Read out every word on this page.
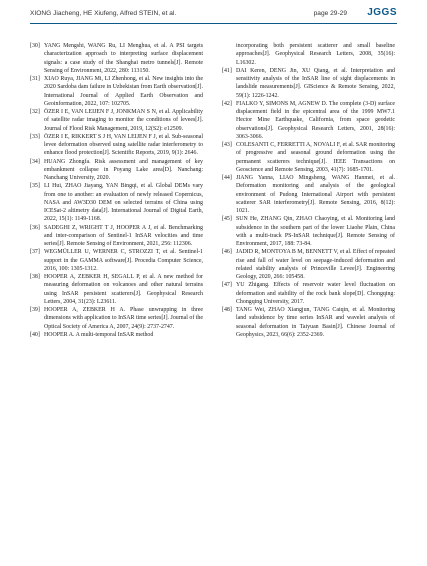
XIONG Jiacheng, HE Xiufeng, Alfred STEIN, et al.	page 29-29 JGGS

[30] YANG Mengshi, WANG Ru, LI Menghua, et al. A PSI targets characterization approach to interpreting surface displacement signals: a case study of the Shanghai metro tunnels[J]. Remote Sensing of Environment, 2022, 280: 113150.

[31] XIAO Ruya, JIANG Mi, LI Zhenhong, et al. New insights into the 2020 Sardoba dam failure in Uzbekistan from Earth observation[J]. International Journal of Applied Earth Observation and Geoinformation, 2022, 107: 102705.

[32] ÖZER I E, VAN LEIJEN F J, JONKMAN S N, et al. Applicability of satellite radar imaging to monitor the conditions of levees[J]. Journal of Flood Risk Management, 2019, 12(S2): e12509.

[33] ÖZER I E, RIKKERT S J H, VAN LEIJEN F J, et al. Sub-seasonal levee deformation observed using satellite radar interferometry to enhance flood protection[J]. Scientific Reports, 2019, 9(1): 2646.

[34] HUANG Zhongfa. Risk assessment and management of key embankment collapse in Poyang Lake area[D]. Nanchang: Nanchang University, 2020.

[35] LI Hui, ZHAO Jiayang, YAN Bingqi, et al. Global DEMs vary from one to another: an evaluation of newly released Copernicus, NASA and AW3D30 DEM on selected terrains of China using ICESat-2 altimetry data[J]. International Journal of Digital Earth, 2022, 15(1): 1149-1168.

[36] SADEGHI Z, WRIGHT T J, HOOPER A J, et al. Benchmarking and inter-comparison of Sentinel-1 InSAR velocities and time series[J]. Remote Sensing of Environment, 2021, 256: 112306.

[37] WEGMÜLLER U, WERNER C, STROZZI T, et al. Sentinel-1 support in the GAMMA software[J]. Procedia Computer Science, 2016, 100: 1305-1312.

[38] HOOPER A, ZEBKER H, SEGALL P, et al. A new method for measuring deformation on volcanoes and other natural terrains using InSAR persistent scatterers[J]. Geophysical Research Letters, 2004, 31(23): L23611.

[39] HOOPER A, ZEBKER H A. Phase unwrapping in three dimensions with application to InSAR time series[J]. Journal of the Optical Society of America A, 2007, 24(9): 2737-2747.

[40] HOOPER A. A multi-temporal InSAR method

incorporating both persistent scatterer and small baseline approaches[J]. Geophysical Research Letters, 2008, 35(16): L16302.

[41] DAI Keren, DENG Jin, XU Qiang, et al. Interpretation and sensitivity analysis of the InSAR line of sight displacements in landslide measurements[J]. GIScience & Remote Sensing, 2022, 59(1): 1226-1242.

[42] FIALKO Y, SIMONS M, AGNEW D. The complete (3-D) surface displacement field in the epicentral area of the 1999 MW7.1 Hector Mine Earthquake, California, from space geodetic observations[J]. Geophysical Research Letters, 2001, 28(16): 3063-3066.

[43] COLESANTI C, FERRETTI A, NOVALI F, et al. SAR monitoring of progressive and seasonal ground deformation using the permanent scatterers technique[J]. IEEE Transactions on Geoscience and Remote Sensing, 2003, 41(7): 1685-1701.

[44] JIANG Yanna, LIAO Mingsheng, WANG Hanmei, et al. Deformation monitoring and analysis of the geological environment of Pudong International Airport with persistent scatterer SAR interferometry[J]. Remote Sensing, 2016, 8(12): 1021.

[45] SUN He, ZHANG Qin, ZHAO Chaoying, et al. Monitoring land subsidence in the southern part of the lower Liaohe Plain, China with a multi-track PS-InSAR technique[J]. Remote Sensing of Environment, 2017, 188: 73-84.

[46] JADID R, MONTOYA B M, BENNETT V, et al. Effect of repeated rise and fall of water level on seepage-induced deformation and related stability analysis of Princeville Levee[J]. Engineering Geology, 2020, 266: 105458.

[47] YU Zhigang. Effects of reservoir water level fluctuation on deformation and stability of the rock bank slope[D]. Chongqing: Chongqing University, 2017.

[48] TANG Wei, ZHAO Xiangjun, TANG Caiqin, et al. Monitoring land subsidence by time series InSAR and wavelet analysis of seasonal deformation in Taiyuan Basin[J]. Chinese Journal of Geophysics, 2023, 66(6): 2352-2369.
